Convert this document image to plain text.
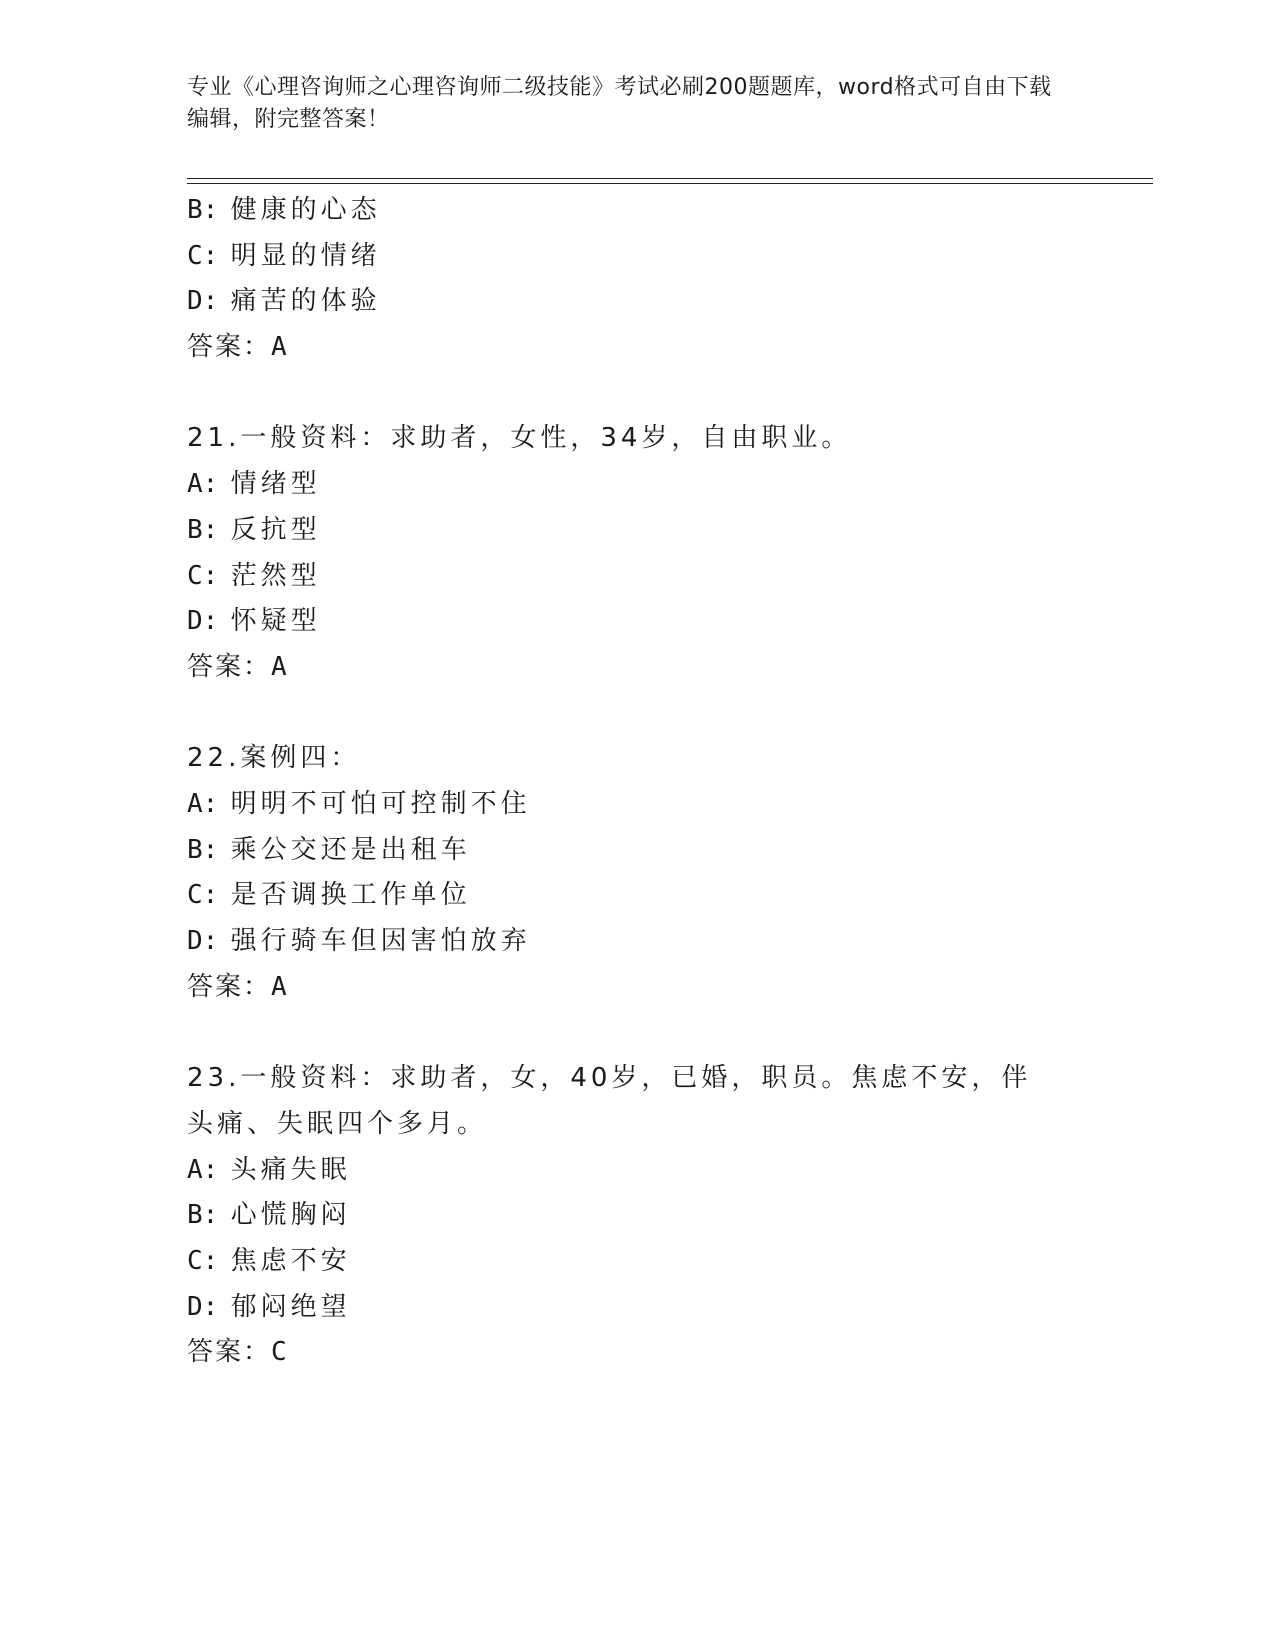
专业《心理咨询师之心理咨询师二级技能》考试必刷200题题库，word格式可自由下载编辑，附完整答案！
B: 健康的心态
C: 明显的情绪
D: 痛苦的体验
答案：A
21.一般资料：求助者，女性，34岁，自由职业。
A: 情绪型
B: 反抗型
C: 茫然型
D: 怀疑型
答案：A
22.案例四：
A: 明明不可怕可控制不住
B: 乘公交还是出租车
C: 是否调换工作单位
D: 强行骑车但因害怕放弃
答案：A
23.一般资料：求助者，女，40岁，已婚，职员。焦虑不安，伴头痛、失眠四个多月。
A: 头痛失眠
B: 心慌胸闷
C: 焦虑不安
D: 郁闷绝望
答案：C
